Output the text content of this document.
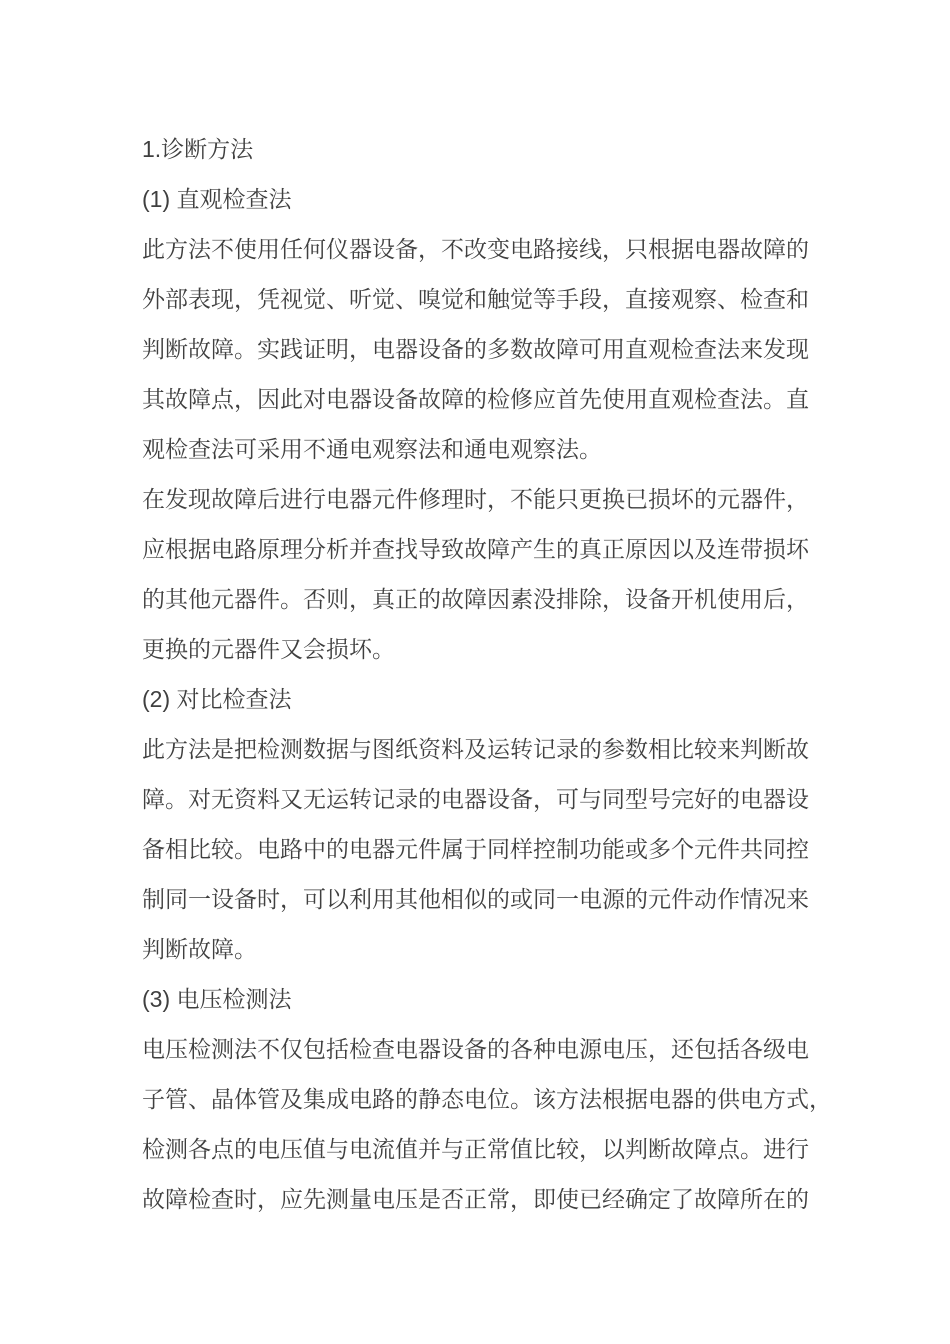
1.诊断方法
(1) 直观检查法
此方法不使用任何仪器设备，不改变电路接线，只根据电器故障的
外部表现，凭视觉、听觉、嗅觉和触觉等手段，直接观察、检查和
判断故障。实践证明，电器设备的多数故障可用直观检查法来发现
其故障点，因此对电器设备故障的检修应首先使用直观检查法。直
观检查法可采用不通电观察法和通电观察法。
在发现故障后进行电器元件修理时，不能只更换已损坏的元器件，
应根据电路原理分析并查找导致故障产生的真正原因以及连带损坏
的其他元器件。否则，真正的故障因素没排除，设备开机使用后，
更换的元器件又会损坏。
(2) 对比检查法
此方法是把检测数据与图纸资料及运转记录的参数相比较来判断故
障。对无资料又无运转记录的电器设备，可与同型号完好的电器设
备相比较。电路中的电器元件属于同样控制功能或多个元件共同控
制同一设备时，可以利用其他相似的或同一电源的元件动作情况来
判断故障。
(3) 电压检测法
电压检测法不仅包括检查电器设备的各种电源电压，还包括各级电
子管、晶体管及集成电路的静态电位。该方法根据电器的供电方式，
检测各点的电压值与电流值并与正常值比较，以判断故障点。进行
故障检查时，应先测量电压是否正常，即使已经确定了故障所在的
